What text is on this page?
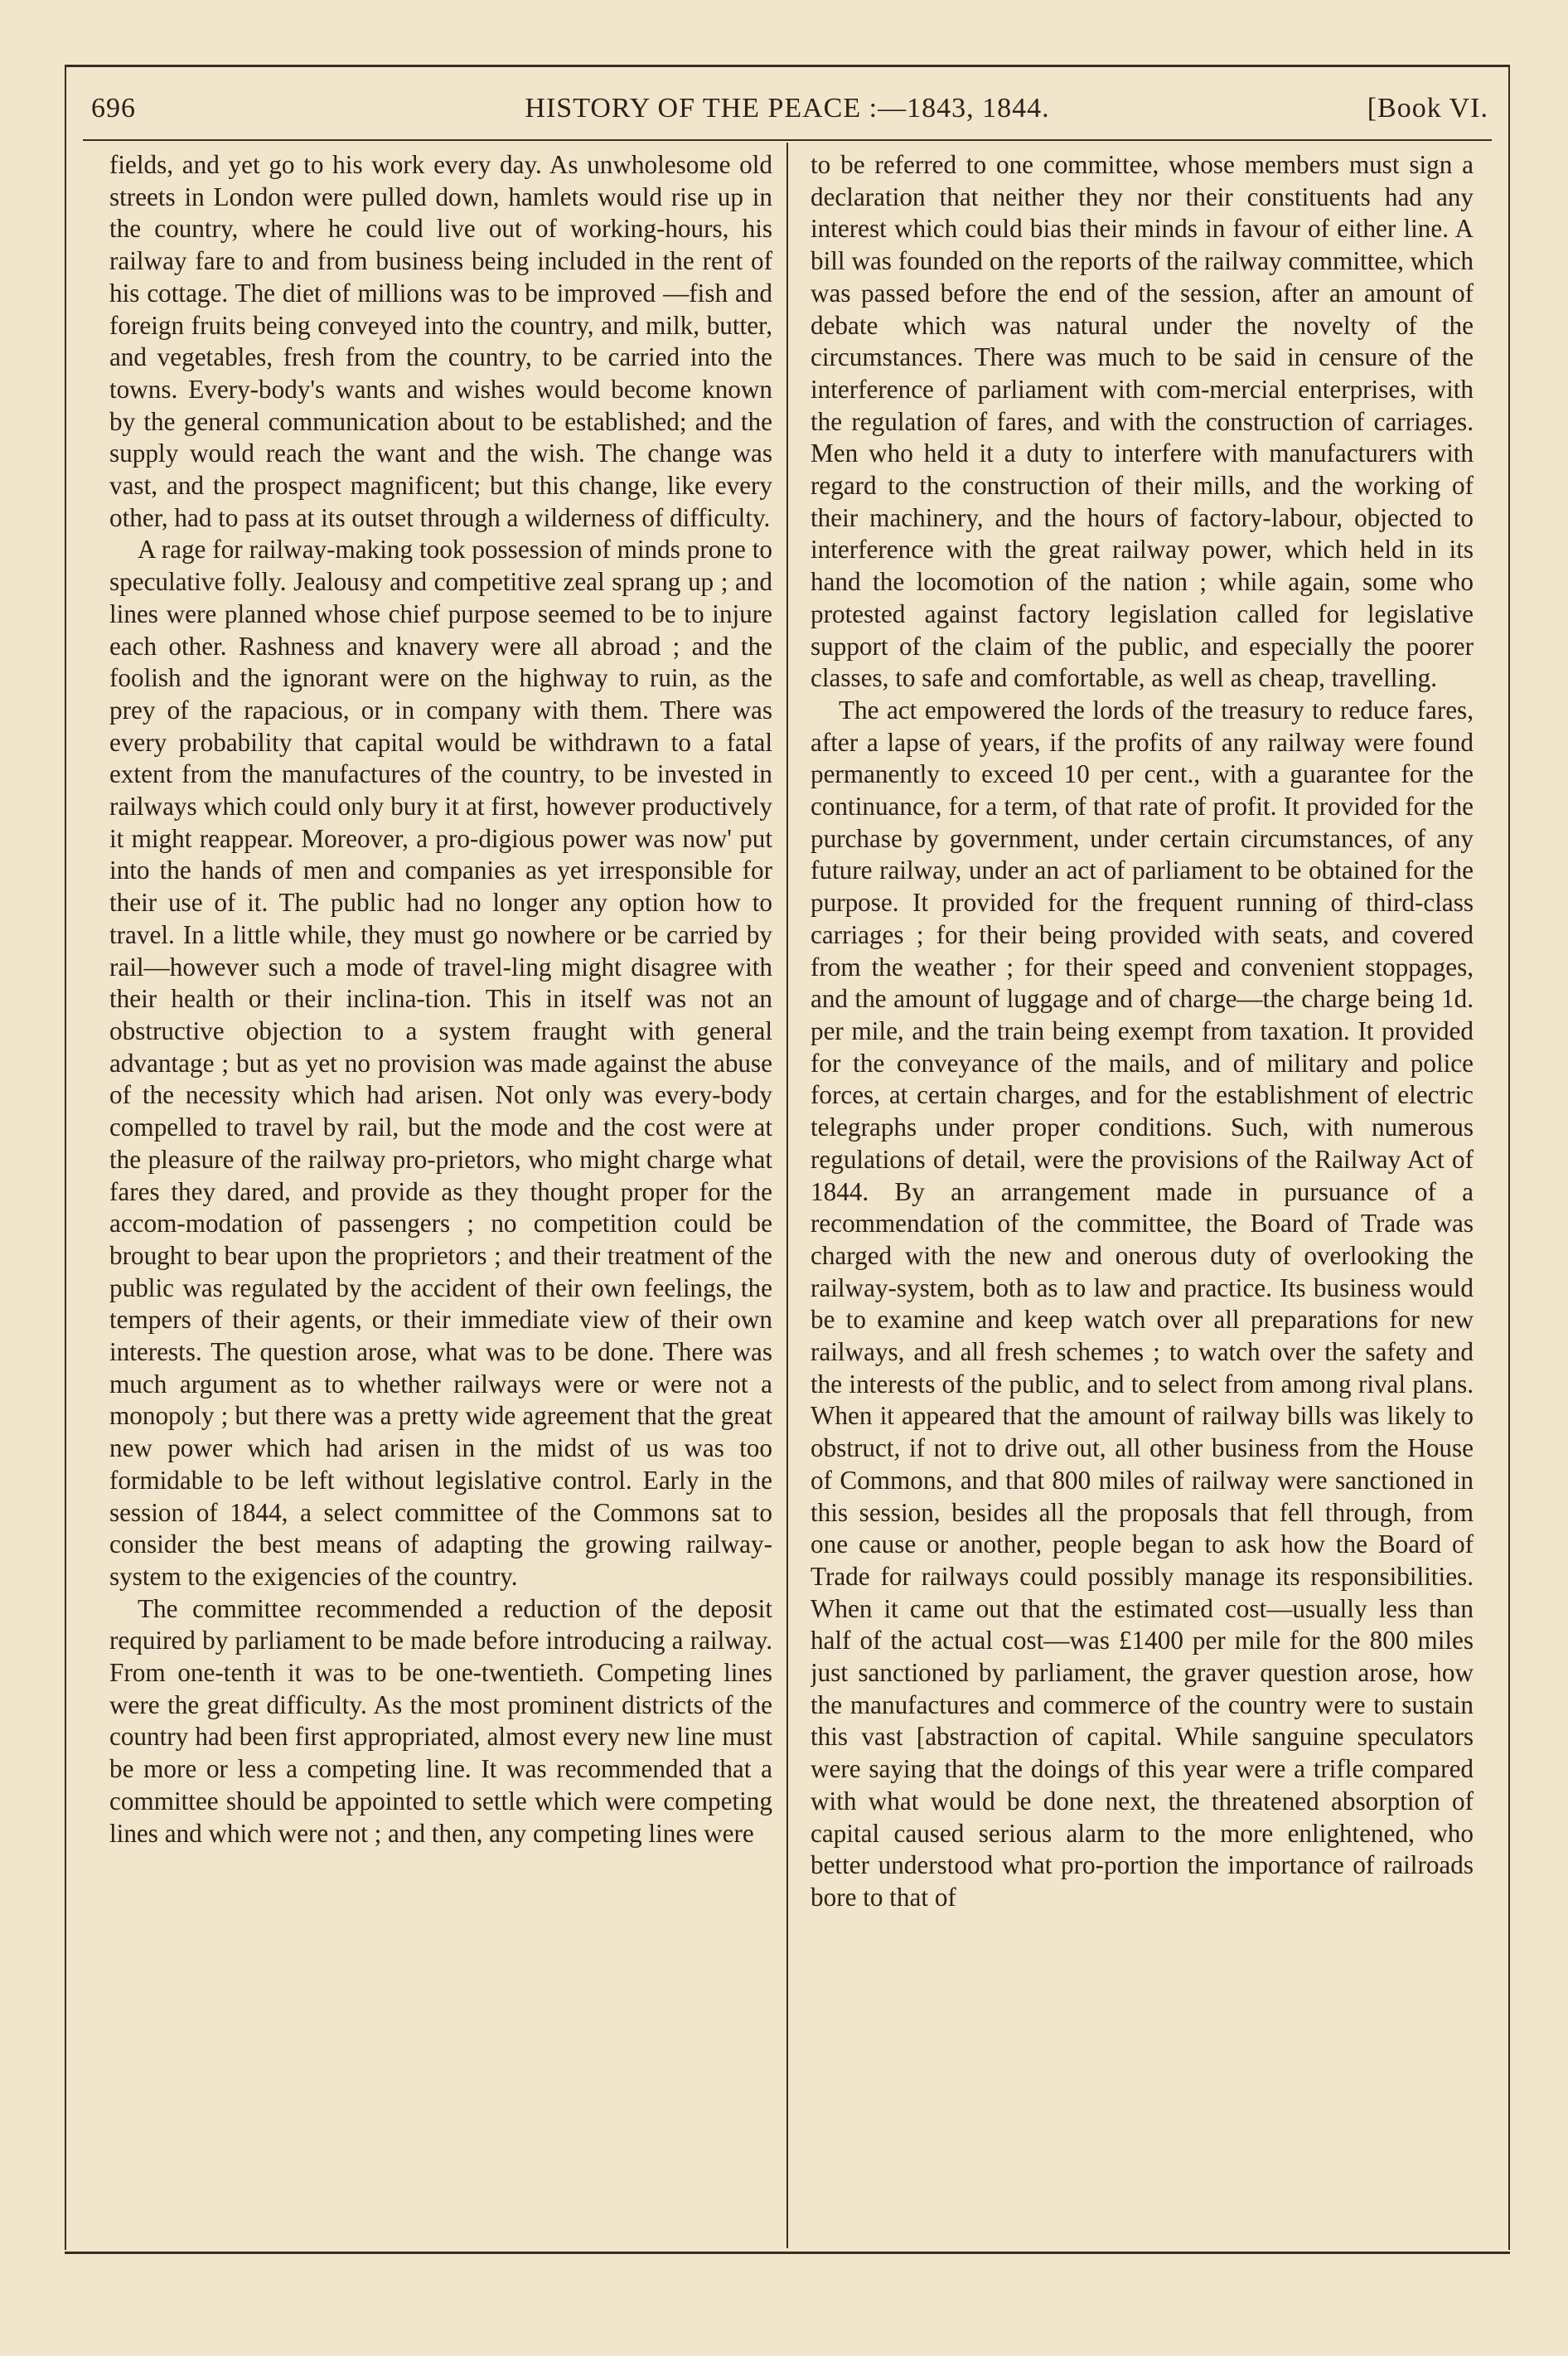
696	HISTORY OF THE PEACE :—1843, 1844.	[Book VI.

fields, and yet go to his work every day. As unwholesome old streets in London were pulled down, hamlets would rise up in the country, where he could live out of working-hours, his railway fare to and from business being included in the rent of his cottage. The diet of millions was to be improved —fish and foreign fruits being conveyed into the country, and milk, butter, and vegetables, fresh from the country, to be carried into the towns. Every-body's wants and wishes would become known by the general communication about to be established; and the supply would reach the want and the wish. The change was vast, and the prospect magnificent; but this change, like every other, had to pass at its outset through a wilderness of difficulty.

A rage for railway-making took possession of minds prone to speculative folly. Jealousy and competitive zeal sprang up ; and lines were planned whose chief purpose seemed to be to injure each other. Rashness and knavery were all abroad ; and the foolish and the ignorant were on the highway to ruin, as the prey of the rapacious, or in company with them. There was every probability that capital would be withdrawn to a fatal extent from the manufactures of the country, to be invested in railways which could only bury it at first, however productively it might reappear. Moreover, a pro-digious power was now' put into the hands of men and companies as yet irresponsible for their use of it. The public had no longer any option how to travel. In a little while, they must go nowhere or be carried by rail—however such a mode of travel-ling might disagree with their health or their inclina-tion. This in itself was not an obstructive objection to a system fraught with general advantage ; but as yet no provision was made against the abuse of the necessity which had arisen. Not only was every-body compelled to travel by rail, but the mode and the cost were at the pleasure of the railway pro-prietors, who might charge what fares they dared, and provide as they thought proper for the accom-modation of passengers ; no competition could be brought to bear upon the proprietors ; and their treatment of the public was regulated by the accident of their own feelings, the tempers of their agents, or their immediate view of their own interests. The question arose, what was to be done. There was much argument as to whether railways were or were not a monopoly ; but there was a pretty wide agreement that the great new power which had arisen in the midst of us was too formidable to be left without legislative control. Early in the session of 1844, a select committee of the Commons sat to consider the best means of adapting the growing railway-system to the exigencies of the country.

The committee recommended a reduction of the deposit required by parliament to be made before introducing a railway. From one-tenth it was to be one-twentieth. Competing lines were the great difficulty. As the most prominent districts of the country had been first appropriated, almost every new line must be more or less a competing line. It was recommended that a committee should be appointed to settle which were competing lines and which were not ; and then, any competing lines were

to be referred to one committee, whose members must sign a declaration that neither they nor their constituents had any interest which could bias their minds in favour of either line. A bill was founded on the reports of the railway committee, which was passed before the end of the session, after an amount of debate which was natural under the novelty of the circumstances. There was much to be said in censure of the interference of parliament with com-mercial enterprises, with the regulation of fares, and with the construction of carriages. Men who held it a duty to interfere with manufacturers with regard to the construction of their mills, and the working of their machinery, and the hours of factory-labour, objected to interference with the great railway power, which held in its hand the locomotion of the nation ; while again, some who protested against factory legislation called for legislative support of the claim of the public, and especially the poorer classes, to safe and comfortable, as well as cheap, travelling.

The act empowered the lords of the treasury to reduce fares, after a lapse of years, if the profits of any railway were found permanently to exceed 10 per cent., with a guarantee for the continuance, for a term, of that rate of profit. It provided for the purchase by government, under certain circumstances, of any future railway, under an act of parliament to be obtained for the purpose. It provided for the frequent running of third-class carriages ; for their being provided with seats, and covered from the weather ; for their speed and convenient stoppages, and the amount of luggage and of charge—the charge being 1d. per mile, and the train being exempt from taxation. It provided for the conveyance of the mails, and of military and police forces, at certain charges, and for the establishment of electric telegraphs under proper conditions. Such, with numerous regulations of detail, were the provisions of the Railway Act of 1844. By an arrangement made in pursuance of a recommendation of the committee, the Board of Trade was charged with the new and onerous duty of overlooking the railway-system, both as to law and practice. Its business would be to examine and keep watch over all preparations for new railways, and all fresh schemes ; to watch over the safety and the interests of the public, and to select from among rival plans. When it appeared that the amount of railway bills was likely to obstruct, if not to drive out, all other business from the House of Commons, and that 800 miles of railway were sanctioned in this session, besides all the proposals that fell through, from one cause or another, people began to ask how the Board of Trade for railways could possibly manage its responsibilities. When it came out that the estimated cost—usually less than half of the actual cost—was £1400 per mile for the 800 miles just sanctioned by parliament, the graver question arose, how the manufactures and commerce of the country were to sustain this vast [abstraction of capital. While sanguine speculators were saying that the doings of this year were a trifle compared with what would be done next, the threatened absorption of capital caused serious alarm to the more enlightened, who better understood what pro-portion the importance of railroads bore to that of
